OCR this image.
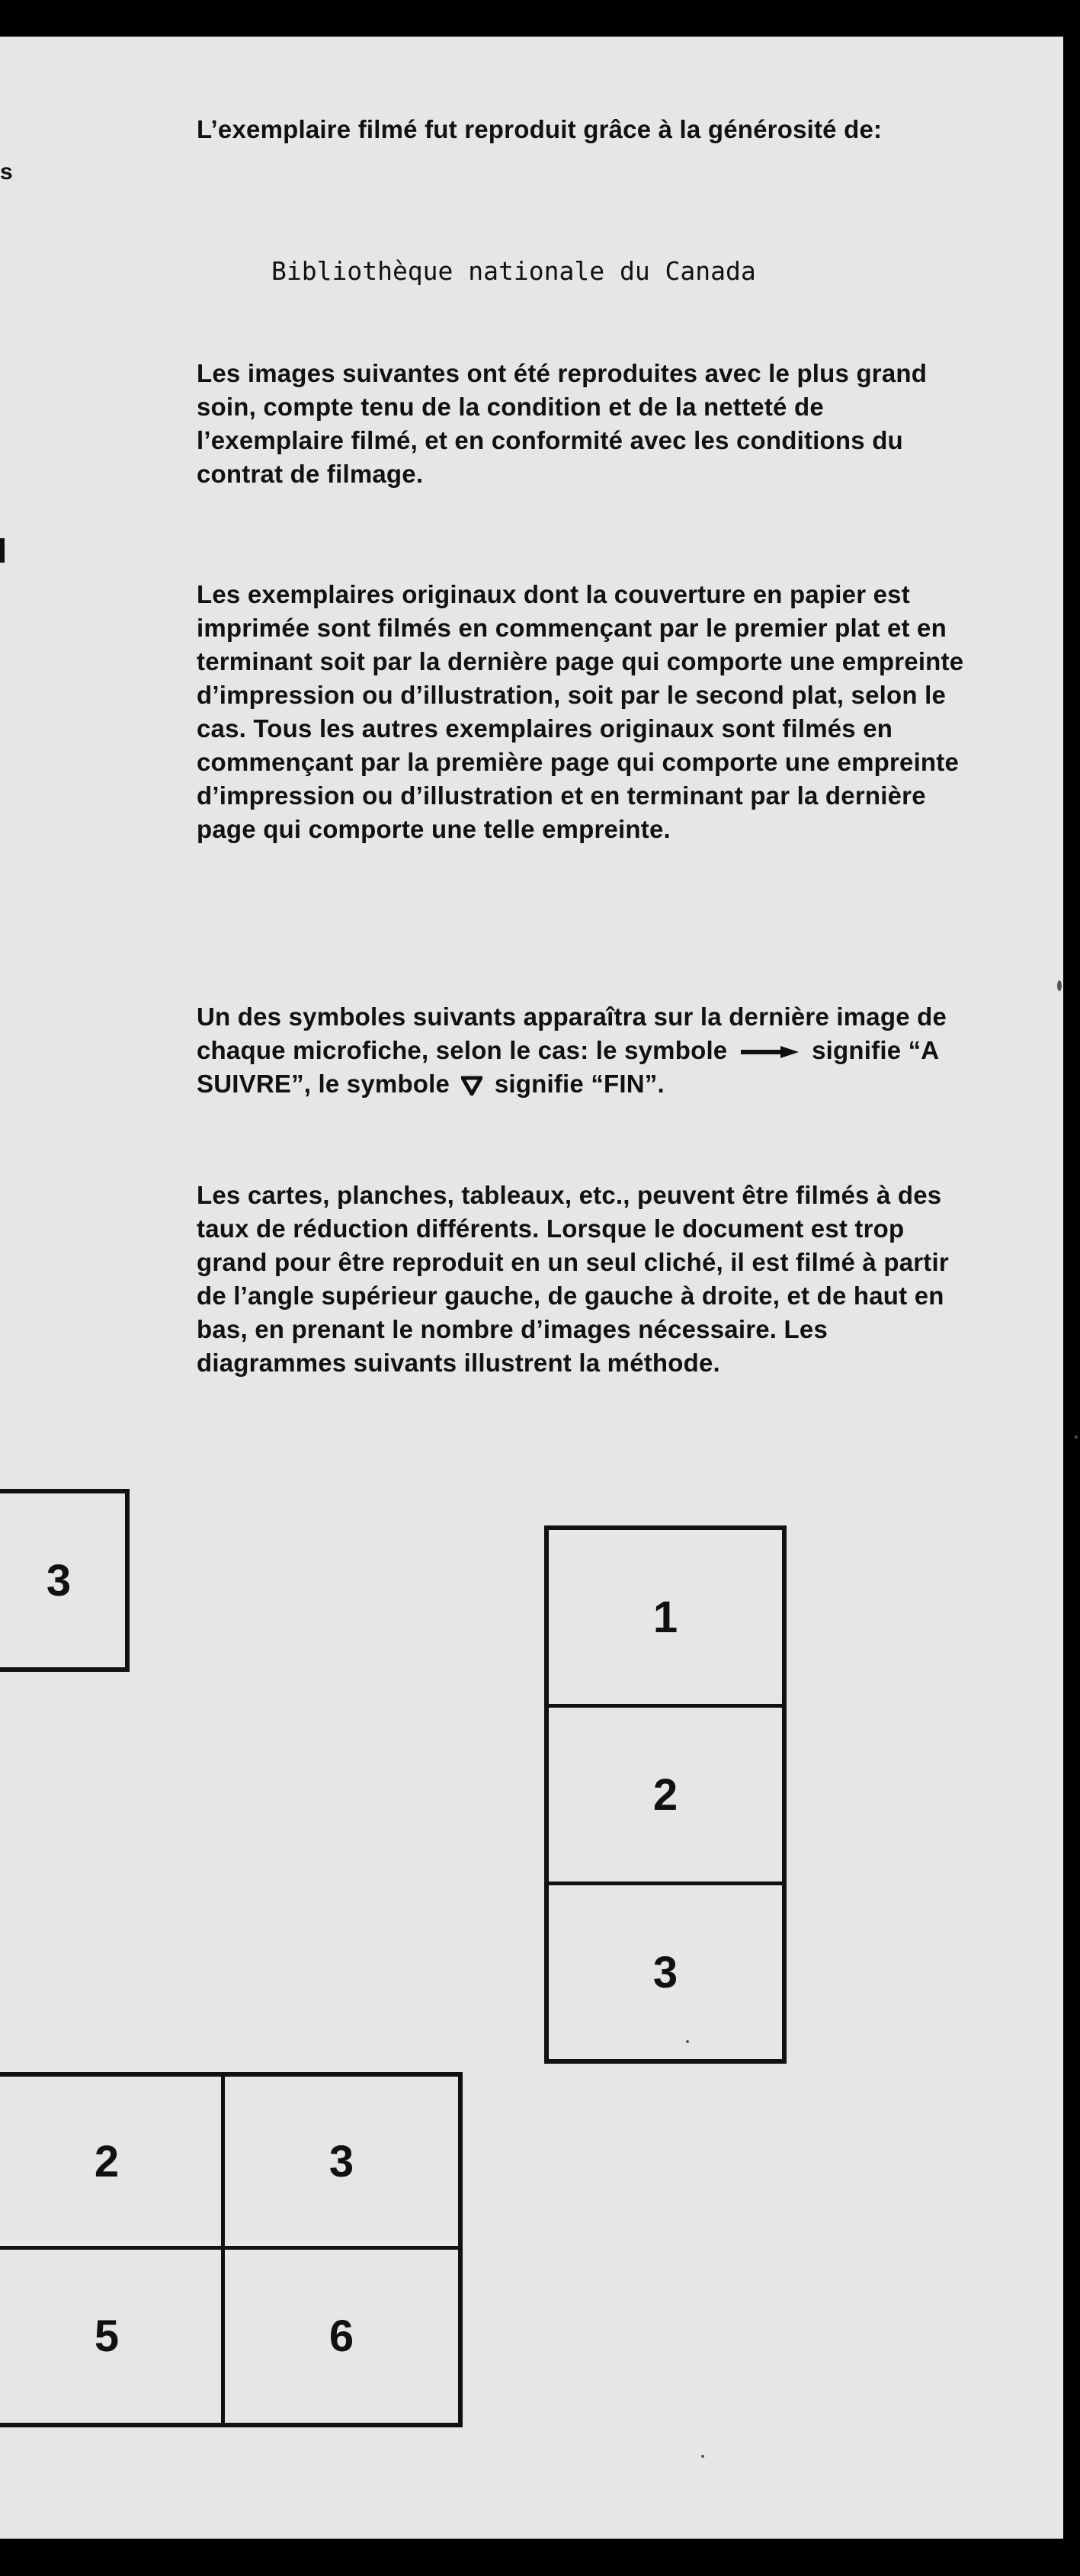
s
L’exemplaire filmé fut reproduit grâce à la générosité de:
Bibliothèque nationale du Canada
Les images suivantes ont été reproduites avec le plus grand soin, compte tenu de la condition et de la netteté de l’exemplaire filmé, et en conformité avec les conditions du contrat de filmage.
Les exemplaires originaux dont la couverture en papier est imprimée sont filmés en commençant par le premier plat et en terminant soit par la dernière page qui comporte une empreinte d’impression ou d’illustration, soit par le second plat, selon le cas. Tous les autres exemplaires originaux sont filmés en commençant par la première page qui comporte une empreinte d’impression ou d’illustration et en terminant par la dernière page qui comporte une telle empreinte.
Un des symboles suivants apparaîtra sur la dernière image de chaque microfiche, selon le cas: le symbole	signifie “A SUIVRE”, le symbole signifie “FIN”.
Les cartes, planches, tableaux, etc., peuvent être filmés à des taux de réduction différents. Lorsque le document est trop grand pour être reproduit en un seul cliché, il est filmé à partir de l’angle supérieur gauche, de gauche à droite, et de haut en bas, en prenant le nombre d’images nécessaire. Les diagrammes suivants illustrent la méthode.
3
1
2
3
2	3
5	6
